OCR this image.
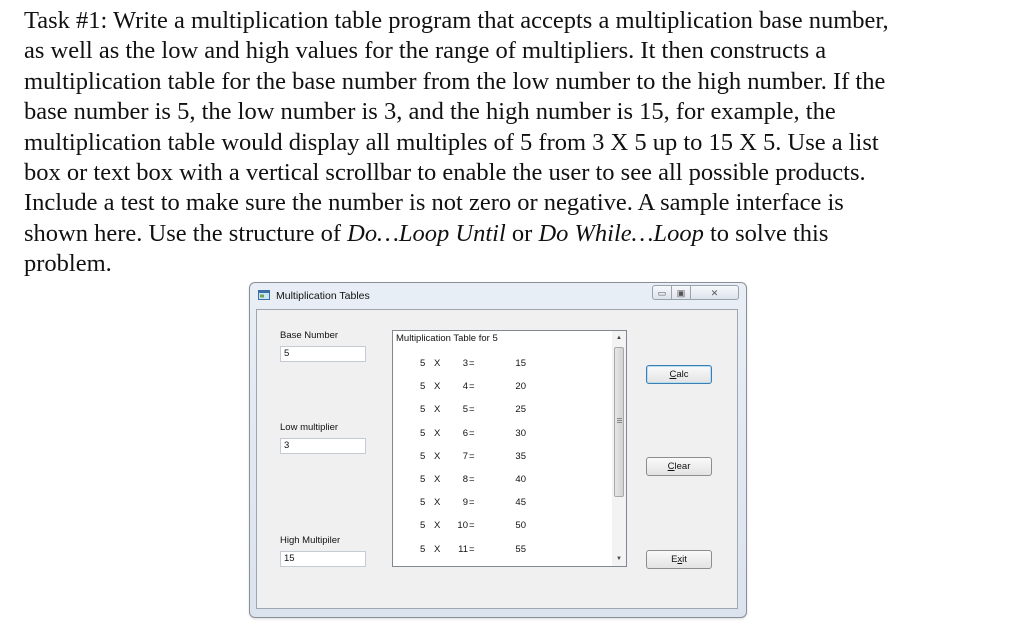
Task #1: Write a multiplication table program that accepts a multiplication base number,

as well as the low and high values for the range of multipliers. It then constructs a

multiplication table for the base number from the low number to the high number. If the

base number is 5, the low number is 3, and the high number is 15, for example, the

multiplication table would display all multiples of 5 from 3 X 5 up to 15 X 5. Use a list

box or text box with a vertical scrollbar to enable the user to see all possible products.

Include a test to make sure the number is not zero or negative. A sample interface is

shown here. Use the structure of Do…Loop Until or Do While…Loop to solve this

problem.

Multiplication Tables	▭	▣	✕
Base Number
5
Low multiplier
3
High Multipiler
15
Multiplication Table for 5
5 X	3 =	15
5 X	4 =	20
5 X	5 =	25
5 X	6 =	30
5 X	7 =	35
5 X	8 =	40
5 X	9 =	45
5 X	10 =	50
5 X	11 =	55
▲
▼
Calc
Clear
Exit
